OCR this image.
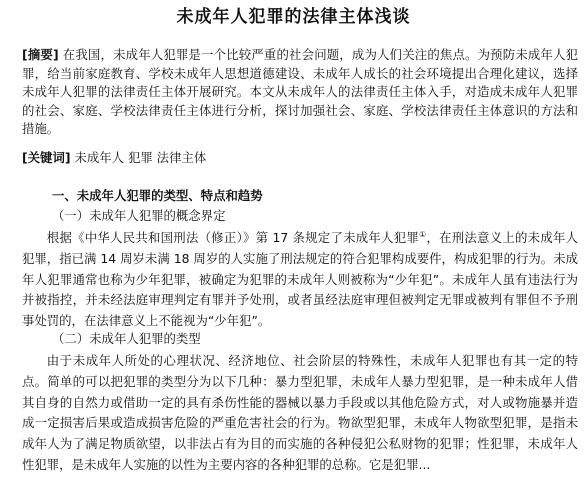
未成年人犯罪的法律主体浅谈
[摘要] 在我国，未成年人犯罪是一个比较严重的社会问题，成为人们关注的焦点。为预防未成年人犯罪，给当前家庭教育、学校未成年人思想道德建设、未成年人成长的社会环境提出合理化建议，选择未成年人犯罪的法律责任主体开展研究。本文从未成年人的法律责任主体入手，对造成未成年人犯罪的社会、家庭、学校法律责任主体进行分析，探讨加强社会、家庭、学校法律责任主体意识的方法和措施。
[关键词] 未成年人 犯罪 法律主体
一、未成年人犯罪的类型、特点和趋势
（一）未成年人犯罪的概念界定
根据《中华人民共和国刑法（修正）》第 17 条规定了未成年人犯罪①，在刑法意义上的未成年人犯罪，指已满 14 周岁未满 18 周岁的人实施了刑法规定的符合犯罪构成要件，构成犯罪的行为。未成年人犯罪通常也称为少年犯罪，被确定为犯罪的未成年人则被称为“少年犯”。未成年人虽有违法行为并被指控，并未经法庭审理判定有罪并予处刑，或者虽经法庭审理但被判定无罪或被判有罪但不予刑事处罚的，在法律意义上不能视为“少年犯”。
（二）未成年人犯罪的类型
由于未成年人所处的心理状况、经济地位、社会阶层的特殊性，未成年人犯罪也有其一定的特点。简单的可以把犯罪的类型分为以下几种：暴力型犯罪，未成年人暴力型犯罪，是一种未成年人借其自身的自然力或借助一定的具有杀伤性能的器械以暴力手段或以其他危险方式，对人或物施暴并造成一定损害后果或造成损害危险的严重危害社会的行为。物欲型犯罪，未成年人物欲型犯罪，是指未成年人为了满足物质欲望，以非法占有为目的而实施的各种侵犯公私财物的犯罪；性犯罪，未成年人性犯罪，是未成年人实施的以性为主要内容的各种犯罪的总称。它是犯罪...
